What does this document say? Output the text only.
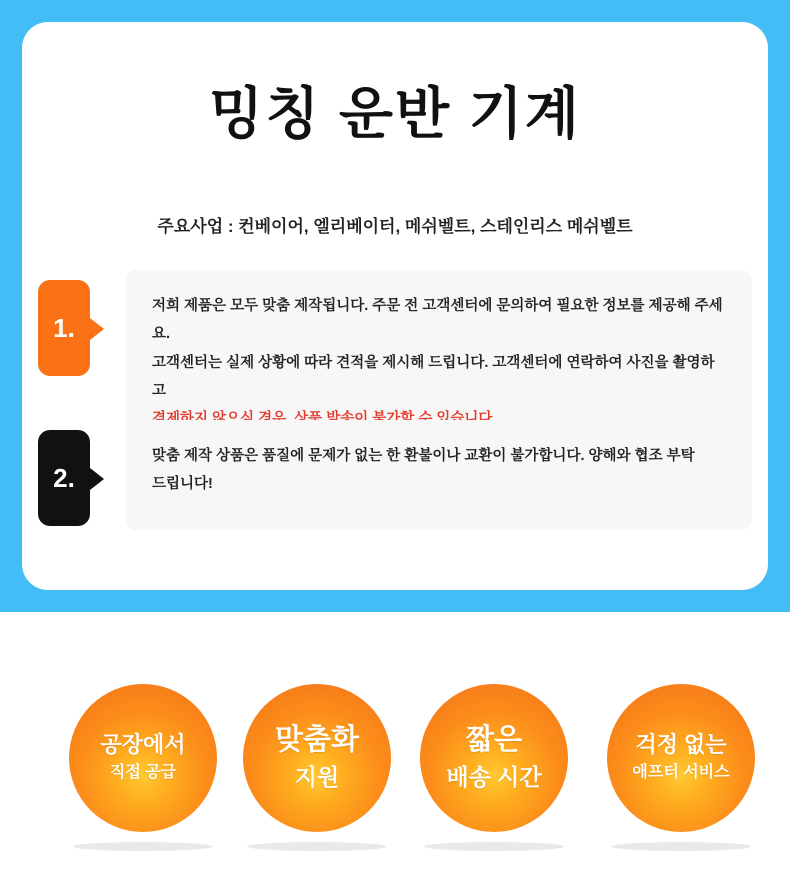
밍칭 운반 기계
주요사업 : 컨베이어, 엘리베이터, 메쉬벨트, 스테인리스 메쉬벨트
1.

저희 제품은 모두 맞춤 제작됩니다. 주문 전 고객센터에 문의하여 필요한 정보를 제공해 주세요.

고객센터는 실제 상황에 따라 견적을 제시해 드립니다. 고객센터에 연락하여 사진을 촬영하고

2.

맞춤 제작 상품은 품질에 문제가 없는 한 환불이나 교환이 불가합니다. 양해와 협조 부탁

드립니다!

공장에서
직접 공급
맞춤화
지원
짧은
배송 시간
걱정 없는
애프터 서비스
